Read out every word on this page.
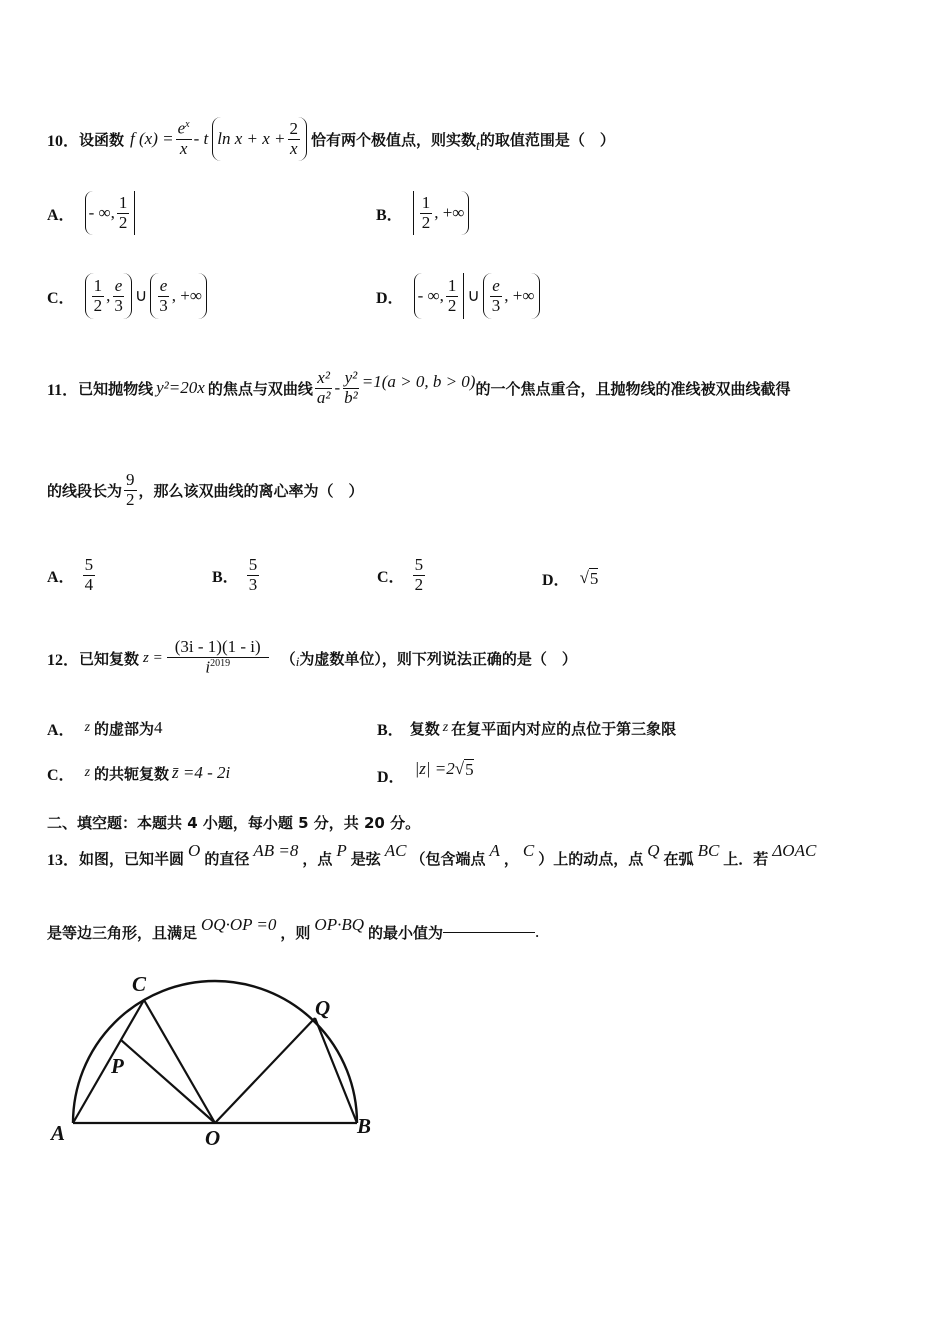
10． 设函数 f $(x) = \frac{e^x}{x} - t$ $\ln x + x + \frac{2}{x}$ 恰有两个极值点，则实数 t 的取值范围是（　）
A． - ∞, $\frac{1}{2}$	B． $\frac{1}{2}$ , +∞
C． $\frac{1}{2}$ , $\frac{e}{3}$ ∪ $\frac{e}{3}$ , +∞	D． - ∞, $\frac{1}{2}$ ∪ $\frac{e}{3}$ , +∞
11． 已知抛物线 y²=20x 的焦点与双曲线 $\frac{\text{x²}}{\text{a²}} - \frac{\text{y²}}{\text{b²}} =1(a > 0$, b > 0) 的一个焦点重合，且抛物线的准线被双曲线截得
的线段长为 $\frac{9}{2}$ ，那么该双曲线的离心率为（　）
A． $\frac{5}{4}$	B． $\frac{5}{3}$	C． $\frac{5}{2}$	D． √ 5
12． 已知复数 $z = \frac{(3i - 1)(1 - i)}{i^{2019}}$ （ i 为虚数单位），则下列说法正确的是（　）
A． z 的虚部为 4	B． 复数 z 在复平面内对应的点位于第三象限
C． z 的共轭复数 z̄ =4 - 2i	D． |z| =2 √ 5
二、填空题：本题共 4 小题，每小题 5 分，共 20 分。
13． 如图，已知半圆 O 的直径 AB =8 ，点 P 是弦 AC （包含端点 A ， C ）上的动点，点 Q 在弧 BC 上．若 ΔOAC
是等边三角形，且满足 OQ·OP =0 ，则 OP·BQ 的最小值为	.
A	B
C
O
P
Q
